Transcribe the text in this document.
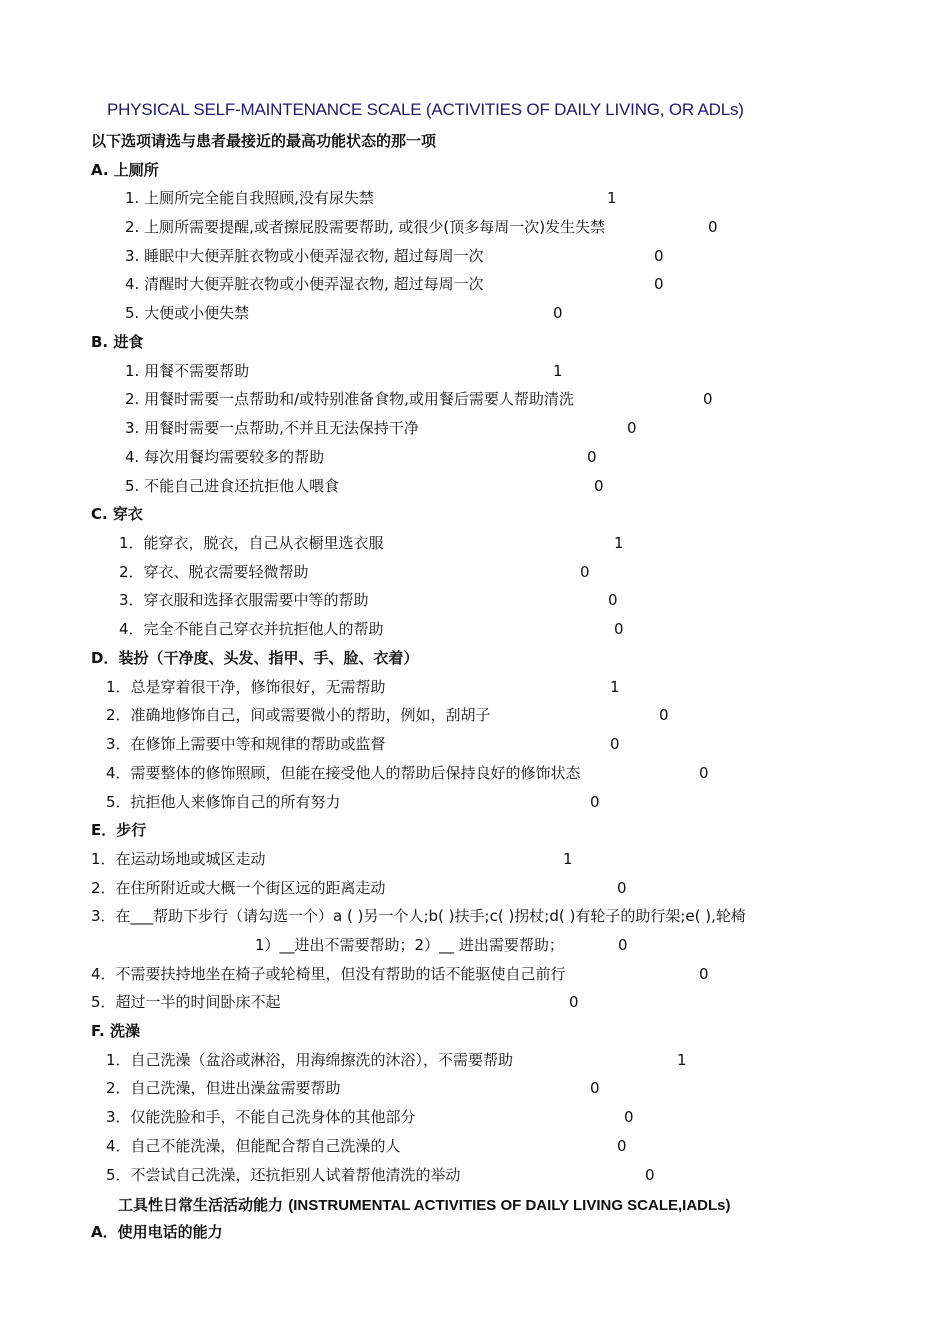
PHYSICAL SELF-MAINTENANCE SCALE (ACTIVITIES OF DAILY LIVING, OR ADLs)
以下选项请选与患者最接近的最高功能状态的那一项
A. 上厕所
1. 上厕所完全能自我照顾,没有尿失禁	1
2. 上厕所需要提醒,或者擦屁股需要帮助, 或很少(顶多每周一次)发生失禁	0
3. 睡眠中大便弄脏衣物或小便弄湿衣物, 超过每周一次	0
4. 清醒时大便弄脏衣物或小便弄湿衣物, 超过每周一次	0
5. 大便或小便失禁	0
B. 进食
1. 用餐不需要帮助	1
2. 用餐时需要一点帮助和/或特别准备食物,或用餐后需要人帮助清洗	0
3. 用餐时需要一点帮助,不并且无法保持干净	0
4. 每次用餐均需要较多的帮助	0
5. 不能自己进食还抗拒他人喂食	0
C. 穿衣
1．能穿衣，脱衣，自己从衣橱里选衣服	1
2．穿衣、脱衣需要轻微帮助	0
3．穿衣服和选择衣服需要中等的帮助	0
4．完全不能自己穿衣并抗拒他人的帮助	0
D．装扮（干净度、头发、指甲、手、脸、衣着）
1．总是穿着很干净，修饰很好，无需帮助	1
2．准确地修饰自己，间或需要微小的帮助，例如，刮胡子	0
3．在修饰上需要中等和规律的帮助或监督	0
4．需要整体的修饰照顾，但能在接受他人的帮助后保持良好的修饰状态	0
5．抗拒他人来修饰自己的所有努力	0
E．步行
1．在运动场地或城区走动	1
2．在住所附近或大概一个街区远的距离走动	0
3．在___帮助下步行（请勾选一个）a ( )另一个人;b( )扶手;c( )拐杖;d( )有轮子的助行架;e( ),轮椅
1）__进出不需要帮助；2）__ 进出需要帮助；	0
4．不需要扶持地坐在椅子或轮椅里，但没有帮助的话不能驱使自己前行	0
5．超过一半的时间卧床不起	0
F. 洗澡
1．自己洗澡（盆浴或淋浴，用海绵擦洗的沐浴），不需要帮助	1
2．自己洗澡，但进出澡盆需要帮助	0
3．仅能洗脸和手，不能自己洗身体的其他部分	0
4．自己不能洗澡，但能配合帮自己洗澡的人	0
5．不尝试自己洗澡，还抗拒别人试着帮他清洗的举动	0
工具性日常生活活动能力 (INSTRUMENTAL ACTIVITIES OF DAILY LIVING SCALE,IADLs)
A．使用电话的能力
